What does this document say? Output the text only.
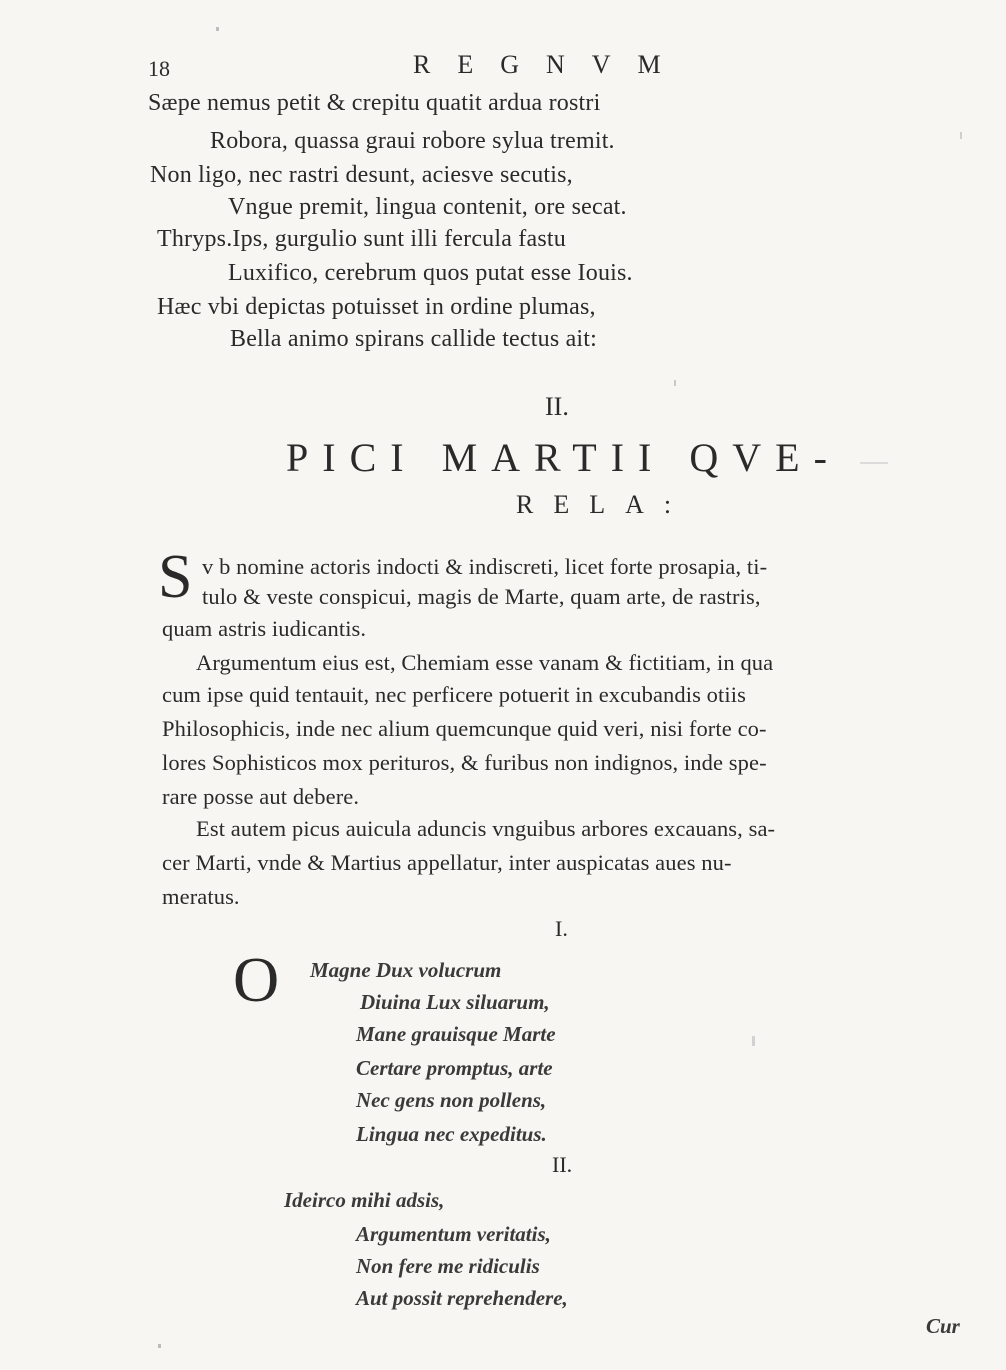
18	REGNVM
Sæpe nemus petit & crepitu quatit ardua rostri
Robora, quassa graui robore sylua tremit.
Non ligo, nec rastri desunt, aciesve secutis,
Vngue premit, lingua contenit, ore secat.
Thryps.Ips, gurgulio sunt illi fercula fastu
Luxifico, cerebrum quos putat esse Iouis.
Hæc vbi depictas potuisset in ordine plumas,
Bella animo spirans callide tectus ait:
II.
PICI MARTII QVE-
RELA:
S v b nomine actoris indocti & indiscreti, licet forte prosapia, ti-
tulo & veste conspicui, magis de Marte, quam arte, de rastris,
quam astris iudicantis.
Argumentum eius est, Chemiam esse vanam & fictitiam, in qua
cum ipse quid tentauit, nec perficere potuerit in excubandis otiis
Philosophicis, inde nec alium quemcunque quid veri, nisi forte co-
lores Sophisticos mox perituros, & furibus non indignos, inde spe-
rare posse aut debere.
Est autem picus auicula aduncis vnguibus arbores excauans, sa-
cer Marti, vnde & Martius appellatur, inter auspicatas aues nu-
meratus.
I.
O Magne Dux volucrum
Diuina Lux siluarum,
Mane grauisque Marte
Certare promptus, arte
Nec gens non pollens,
Lingua nec expeditus.
II.
Ideirco mihi adsis,
Argumentum veritatis,
Non fere me ridiculis
Aut possit reprehendere,
Cur
